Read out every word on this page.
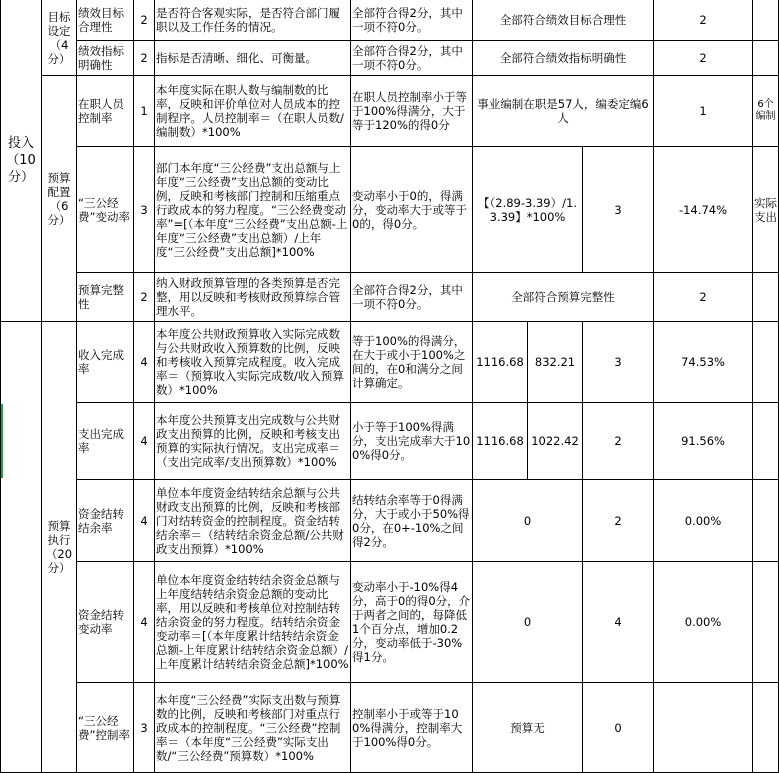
投入（10分）	目标设定（4分）	绩效目标合理性	2	是否符合客观实际，是否符合部门履职以及工作任务的情况。	全部符合得2分，其中一项不符0分。	全部符合绩效目标合理性			2	
		绩效指标明确性	2	指标是否清晰、细化、可衡量。	全部符合得2分，其中一项不符0分。	全部符合绩效指标明确性			2	
	预算配置（6分）	在职人员控制率	1	本年度实际在职人数与编制数的比率，反映和评价单位对人员成本的控制程序。人员控制率＝（在职人员数/编制数）*100%	在职人员控制率小于等于100%得满分，大于等于120%的得0分	事业编制在职是57人，编委定编6人			1	6个编制
		“三公经费”变动率	3	部门本年度“三公经费”支出总额与上年度“三公经费”支出总额的变动比例，反映和考核部门控制和压缩重点行政成本的努力程度。“三公经费变动率”=[（本年度“三公经费”支出总额-上年度“三公经费”支出总额）/上年度“三公经费”支出总额]*100%	变动率小于0的，得满分，变动率大于或等于0的，得0分。	【（2.89-3.39）/1.3.39】*100%		3	-14.74%	实际支出
		预算完整性	2	纳入财政预算管理的各类预算是否完整，用以反映和考核财政预算综合管理水平。	全部符合得2分，其中一项不符0分。	全部符合预算完整性			2	
	预算执行（20分）	收入完成率	4	本年度公共财政预算收入实际完成数与公共财政收入预算数的比例，反映和考核收入预算完成程度。收入完成率＝（预算收入实际完成数/收入预算数）*100%	等于100%的得满分，在大于或小于100%之间的，在0和满分之间计算确定。	1116.68	832.21	3	74.53%	
		支出完成率	4	本年度公共预算支出完成数与公共财政支出预算的比例，反映和考核支出预算的实际执行情况。支出完成率＝（支出完成率/支出预算数）*100%	小于等于100%得满分，支出完成率大于100%得0分。	1116.68	1022.42	2	91.56%	
		资金结转结余率	4	单位本年度资金结转结余总额与公共财政支出预算的比例，反映和考核部门对结转资金的控制程度。资金结转结余率＝（结转结余资金总额/公共财政支出预算）*100%	结转结余率等于0得满分，大于或小于50%得0分，在0+-10%之间得2分。	0		2	0.00%	
		资金结转变动率	4	单位本年度资金结转结余资金总额与上年度结转结余资金总额的变动比率，用以反映和考核单位对控制结转结余资金的努力程度。结转结余资金变动率＝[（本年度累计结转结余资金总额-上年度累计结转结余资金总额）/上年度累计结转结余资金总额]*100%	变动率小于-10%得4分，高于0的得0分，介于两者之间的，每降低1个百分点，增加0.2分，变动率低于-30%得1分。	0		4	0.00%	
		“三公经费”控制率	3	本年度“三公经费”实际支出数与预算数的比例，反映和考核部门对重点行政成本的控制程度。“三公经费”控制率＝（本年度“三公经费”实际支出数/“三公经费”预算数）*100%	控制率小于或等于100%得满分，控制率大于100%得0分。	预算无		0		
